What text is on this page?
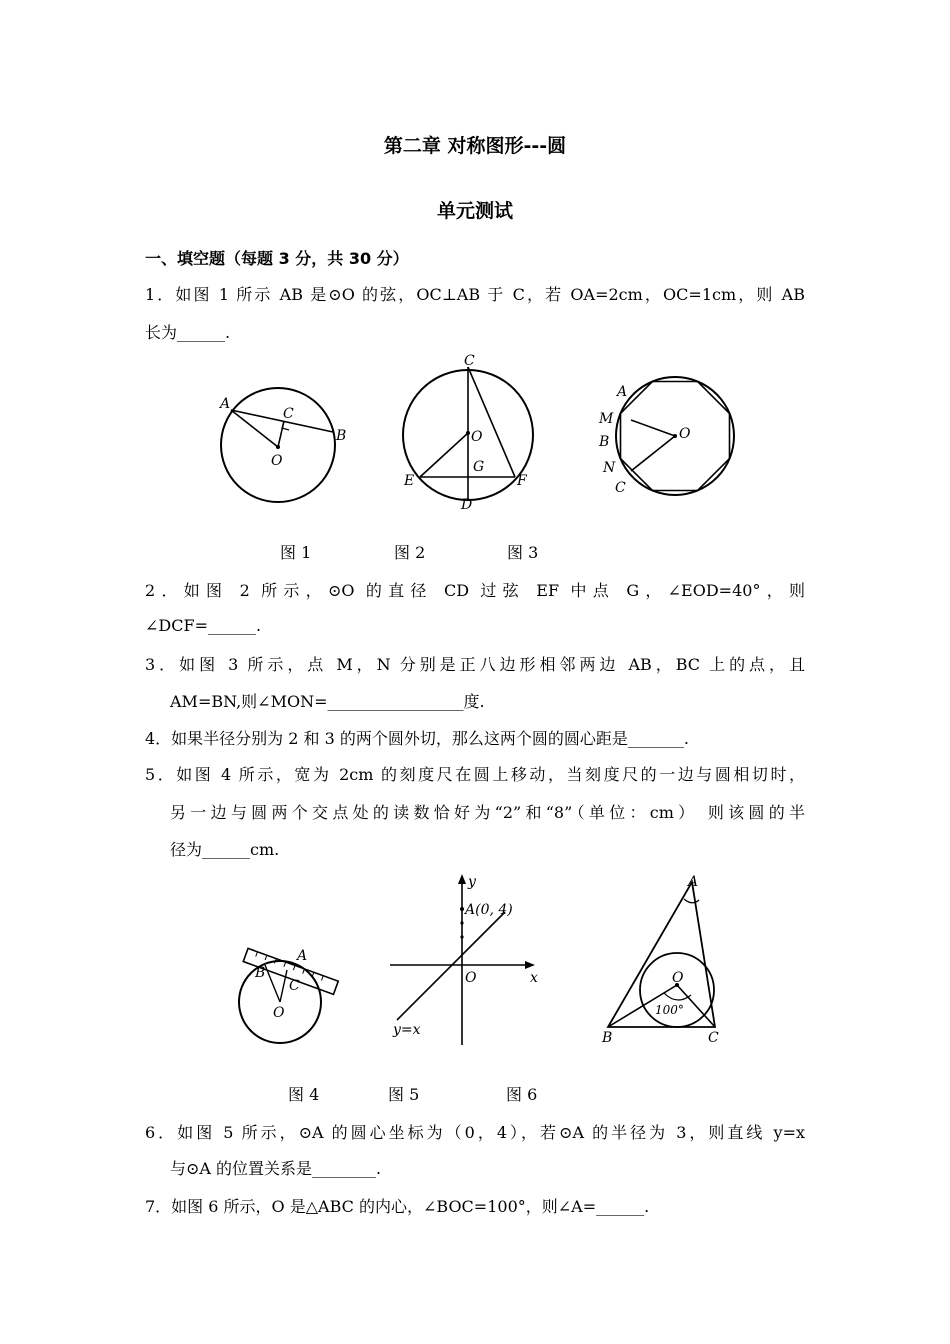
第二章 对称图形---圆
单元测试
一、填空题（每题 3 分，共 30 分）
1．如图 1 所示 AB 是⊙O 的弦，OC⊥AB 于 C，若 OA=2cm，OC=1cm，则 AB
长为______.
A
C
B
O
C
O
G
E	F
D
A
M
B
N
C
O
图 1	图 2	图 3
2．如图 2 所示，⊙O 的直径 CD 过弦 EF 中点 G，∠EOD=40°，则
∠DCF=______.
3．如图 3 所示，点 M，N 分别是正八边形相邻两边 AB，BC 上的点，且
AM=BN,则∠MON=_________________度.
4．如果半径分别为 2 和 3 的两个圆外切，那么这两个圆的圆心距是_______.
5．如图 4 所示，宽为 2cm 的刻度尺在圆上移动，当刻度尺的一边与圆相切时，
另一边与圆两个交点处的读数恰好为“2”和“8”（单位：cm） 则该圆的半
径为______cm.
A
B
C
O
y
A(0, 4)
O	x
y=x
A
O
100°
B	C
图 4	图 5	图 6
6．如图 5 所示，⊙A 的圆心坐标为（0，4），若⊙A 的半径为 3，则直线 y=x
与⊙A 的位置关系是________.
7．如图 6 所示，O 是△ABC 的内心，∠BOC=100°，则∠A=______.
